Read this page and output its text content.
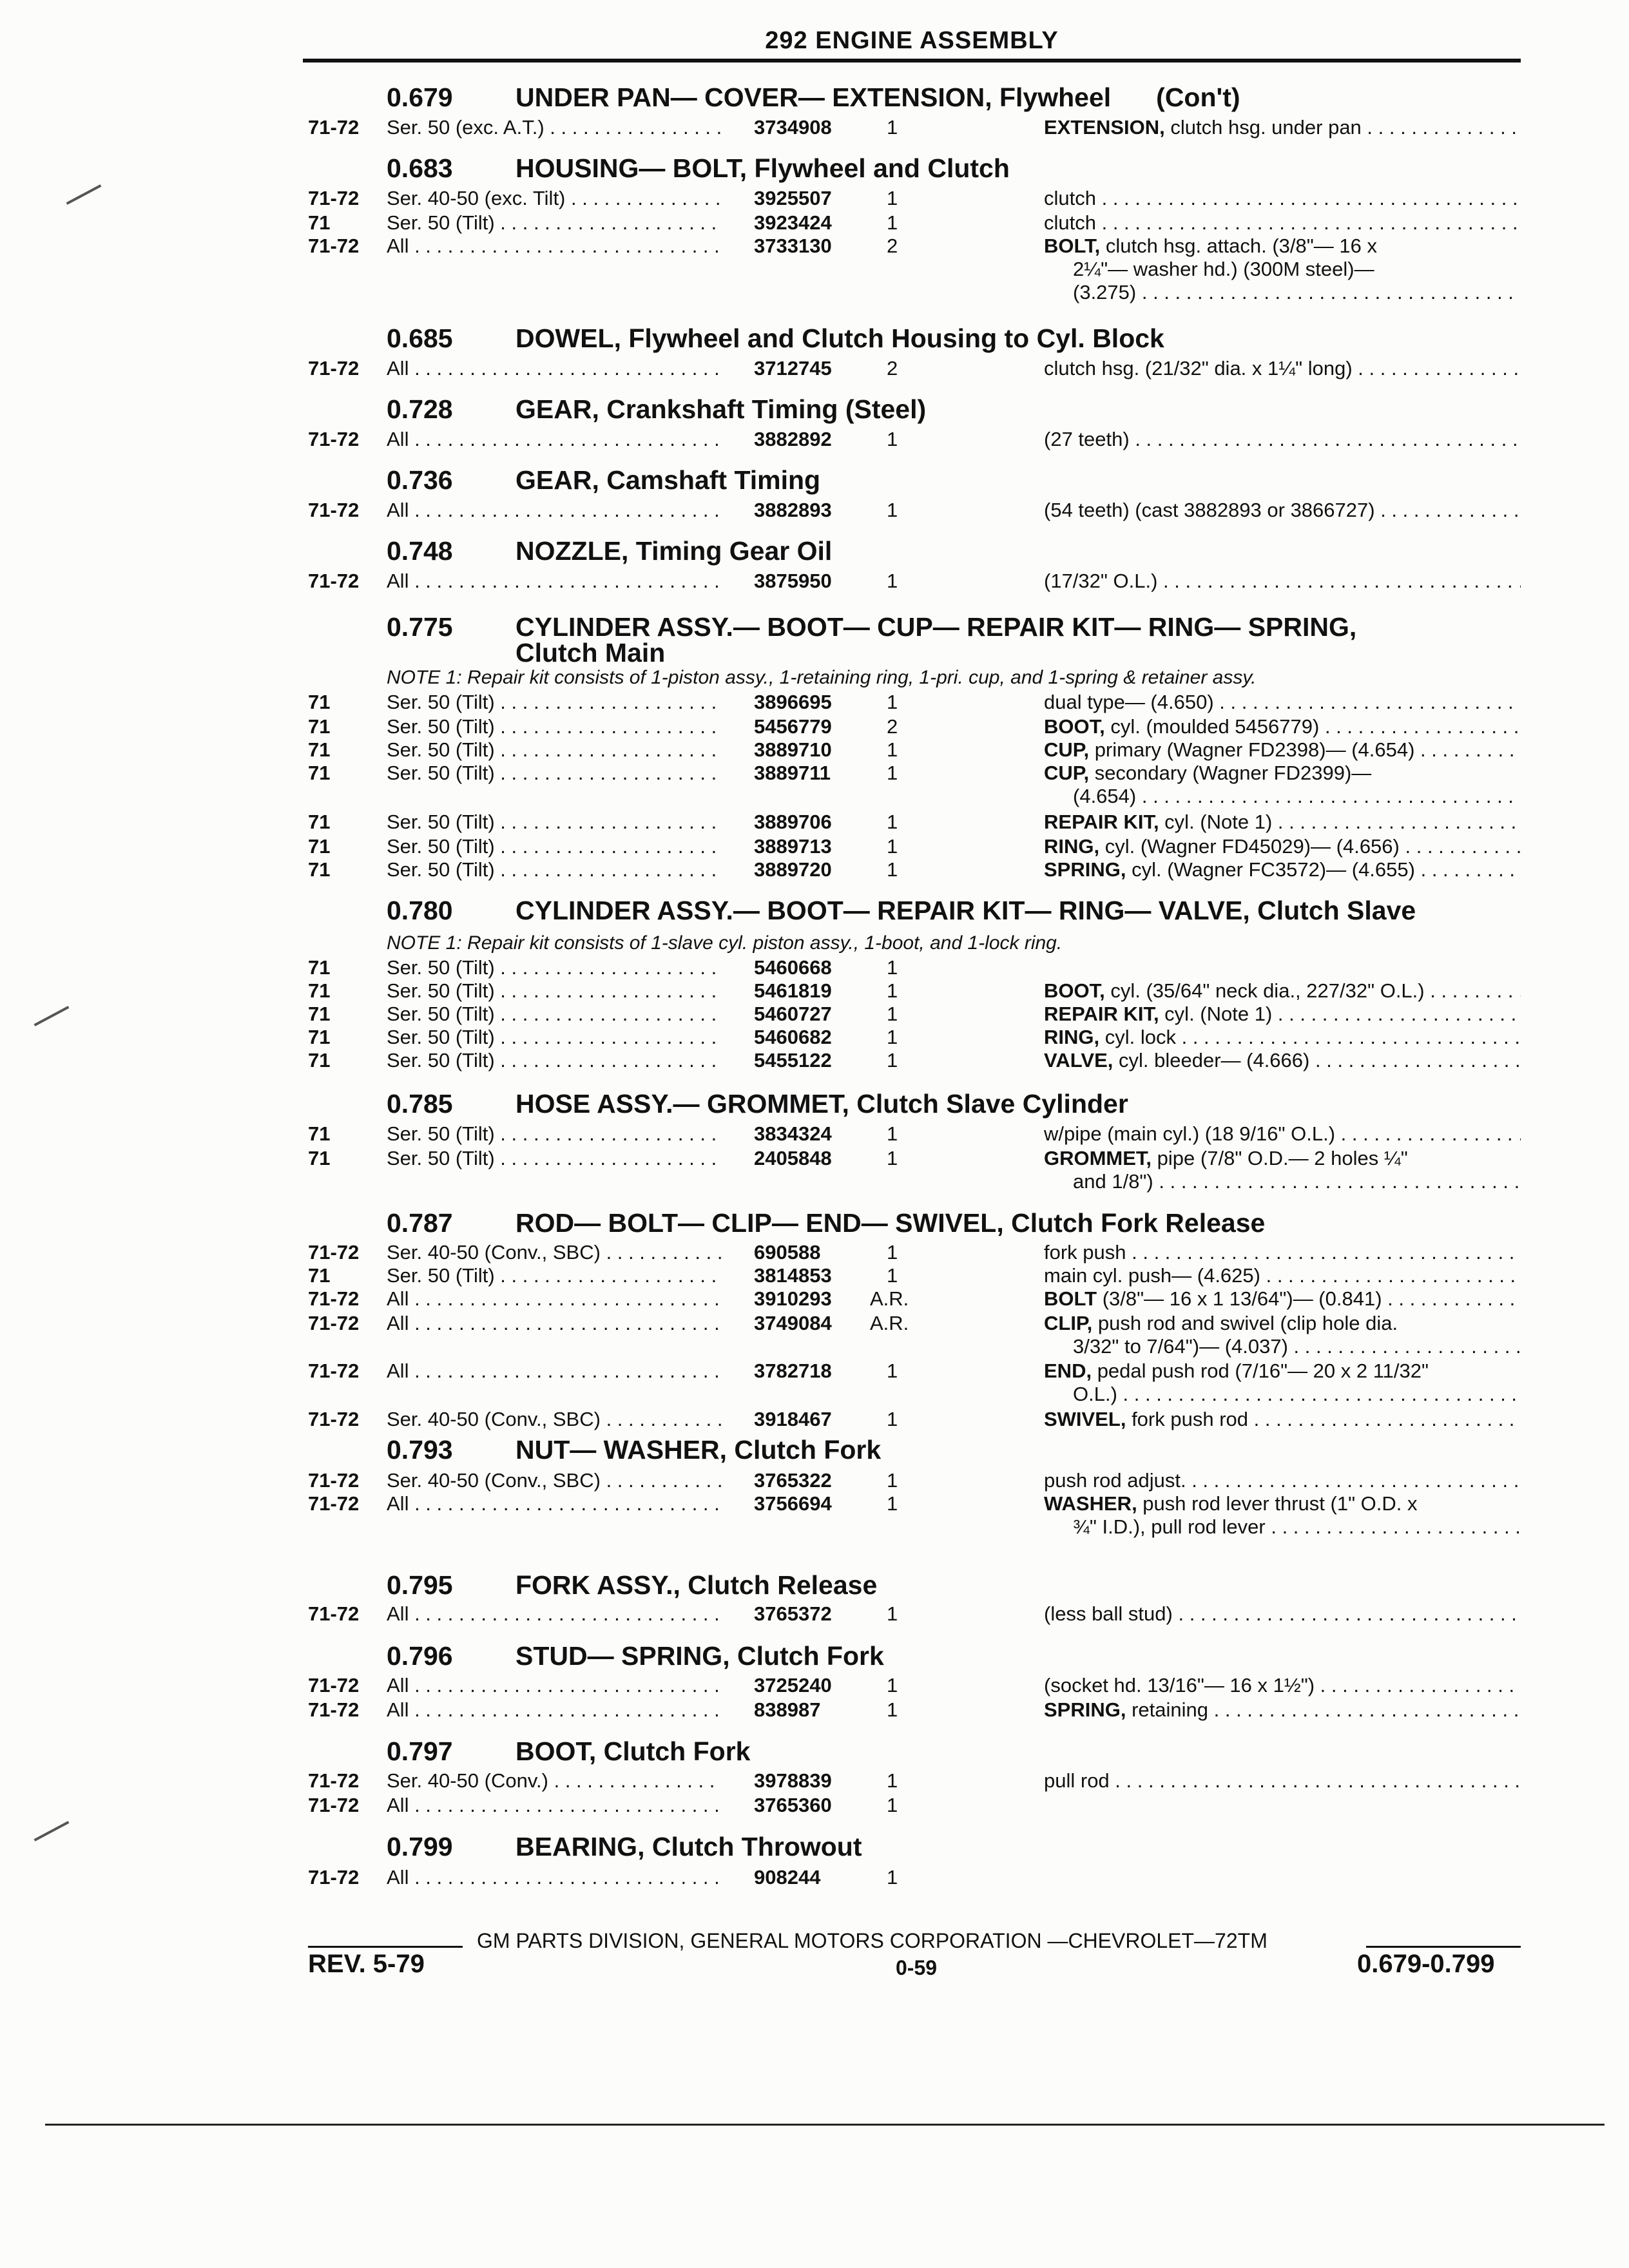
292 ENGINE ASSEMBLY
0.679 UNDER PAN— COVER— EXTENSION, Flywheel (Con't)
71-72 Ser. 50 (exc. A.T.) . . .	3734908	1	EXTENSION, clutch hsg. under pan . . .
0.683 HOUSING— BOLT, Flywheel and Clutch
71-72 Ser. 40-50 (exc. Tilt) . . .	3925507	1	clutch . . .
71	Ser. 50 (Tilt) . . .	3923424	1	clutch . . .
71-72 All . . .	3733130	2	BOLT, clutch hsg. attach. (3/8"— 16 x
2¼"— washer hd.) (300M steel)—
(3.275) . . .
0.685 DOWEL, Flywheel and Clutch Housing to Cyl. Block
71-72 All . . .	3712745	2	clutch hsg. (21/32" dia. x 1¼" long) . . .
0.728 GEAR, Crankshaft Timing (Steel)
71-72 All . . .	3882892	1	(27 teeth) . . .
0.736 GEAR, Camshaft Timing
71-72 All . . .	3882893	1	(54 teeth) (cast 3882893 or 3866727) . . .
0.748 NOZZLE, Timing Gear Oil
71-72 All . . .	3875950	1	(17/32" O.L.) . . .
0.775 CYLINDER ASSY.— BOOT— CUP— REPAIR KIT— RING— SPRING,
Clutch Main
NOTE 1: Repair kit consists of 1-piston assy., 1-retaining ring, 1-pri. cup, and 1-spring & retainer assy.
71	Ser. 50 (Tilt) . . .	3896695	1	dual type— (4.650) . . .
71	Ser. 50 (Tilt) . . .	5456779	2	BOOT, cyl. (moulded 5456779) . . .
71	Ser. 50 (Tilt) . . .	3889710	1	CUP, primary (Wagner FD2398)— (4.654) . . .
71	Ser. 50 (Tilt) . . .	3889711	1	CUP, secondary (Wagner FD2399)—
(4.654) . . .
71	Ser. 50 (Tilt) . . .	3889706	1	REPAIR KIT, cyl. (Note 1) . . .
71	Ser. 50 (Tilt) . . .	3889713	1	RING, cyl. (Wagner FD45029)— (4.656) . . .
71	Ser. 50 (Tilt) . . .	3889720	1	SPRING, cyl. (Wagner FC3572)— (4.655) . . .
0.780 CYLINDER ASSY.— BOOT— REPAIR KIT— RING— VALVE, Clutch Slave
NOTE 1: Repair kit consists of 1-slave cyl. piston assy., 1-boot, and 1-lock ring.
71	Ser. 50 (Tilt) . . .	5460668	1
71	Ser. 50 (Tilt) . . .	5461819	1	BOOT, cyl. (35/64" neck dia., 227/32" O.L.) . . .
71	Ser. 50 (Tilt) . . .	5460727	1	REPAIR KIT, cyl. (Note 1) . . .
71	Ser. 50 (Tilt) . . .	5460682	1	RING, cyl. lock . . .
71	Ser. 50 (Tilt) . . .	5455122	1	VALVE, cyl. bleeder— (4.666) . . .
0.785 HOSE ASSY.— GROMMET, Clutch Slave Cylinder
71	Ser. 50 (Tilt) . . .	3834324	1	w/pipe (main cyl.) (18 9/16" O.L.) . . .
71	Ser. 50 (Tilt) . . .	2405848	1	GROMMET, pipe (7/8" O.D.— 2 holes ¼"
and 1/8") . . .
0.787 ROD— BOLT— CLIP— END— SWIVEL, Clutch Fork Release
71-72 Ser. 40-50 (Conv., SBC) . . .	690588	1	fork push . . .
71	Ser. 50 (Tilt) . . .	3814853	1	main cyl. push— (4.625) . . .
71-72 All . . .	3910293 A.R.	BOLT (3/8"— 16 x 1 13/64")— (0.841) . . .
71-72 All . . .	3749084 A.R.	CLIP, push rod and swivel (clip hole dia.
3/32" to 7/64")— (4.037) . . .
71-72 All . . .	3782718	1	END, pedal push rod (7/16"— 20 x 2 11/32"
O.L.) . . .
71-72 Ser. 40-50 (Conv., SBC) . . .	3918467	1	SWIVEL, fork push rod . . .
0.793 NUT— WASHER, Clutch Fork
71-72 Ser. 40-50 (Conv., SBC) . . .	3765322	1	push rod adjust. . . .
71-72 All . . .	3756694	1	WASHER, push rod lever thrust (1" O.D. x
¾" I.D.), pull rod lever . . .
0.795 FORK ASSY., Clutch Release
71-72 All . . .	3765372	1	(less ball stud) . . .
0.796 STUD— SPRING, Clutch Fork
71-72 All . . .	3725240	1	(socket hd. 13/16"— 16 x 1½") . . .
71-72 All . . .	838987	1	SPRING, retaining . . .
0.797 BOOT, Clutch Fork
71-72 Ser. 40-50 (Conv.) . . .	3978839	1	pull rod . . .
71-72 All . . .	3765360	1
0.799 BEARING, Clutch Throwout
71-72 All . . .	908244	1
GM PARTS DIVISION, GENERAL MOTORS CORPORATION —CHEVROLET—72TM
REV. 5-79	0-59	0.679-0.799
